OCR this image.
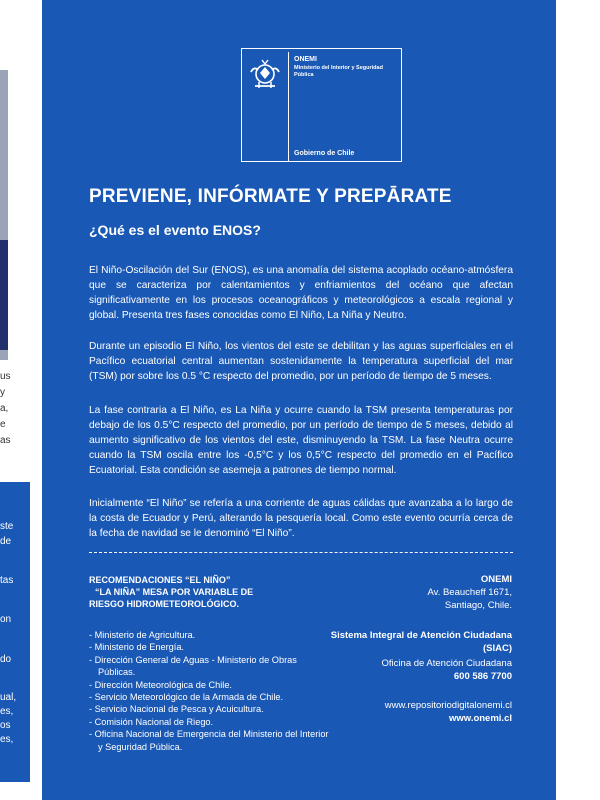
us
y
a,
e
as
ste
de
tas
on
do
ual,
es,
os
es,
ONEMI
Ministerio del Interior y Seguridad Pública
Gobierno de Chile
PREVIENE, INFÓRMATE Y PREPĀRATE
¿Qué es el evento ENOS?

El Niño-Oscilación del Sur (ENOS), es una anomalía del sistema acoplado océano-atmósfera que se caracteriza por calentamientos y enfriamientos del océano que afectan significativamente en los procesos oceanográficos y meteorológicos a escala regional y global. Presenta tres fases conocidas como El Niño, La Niña y Neutro.

Durante un episodio El Niño, los vientos del este se debilitan y las aguas superficiales en el Pacífico ecuatorial central aumentan sostenidamente la temperatura superficial del mar (TSM) por sobre los 0.5 °C respecto del promedio, por un período de tiempo de 5 meses.

La fase contraria a El Niño, es La Niña y ocurre cuando la TSM presenta temperaturas por debajo de los 0.5°C respecto del promedio, por un período de tiempo de 5 meses, debido al aumento significativo de los vientos del este, disminuyendo la TSM. La fase Neutra ocurre cuando la TSM oscila entre los -0,5°C y los 0,5°C respecto del promedio en el Pacífico Ecuatorial. Esta condición se asemeja a patrones de tiempo normal.

Inicialmente “El Niño” se refería a una corriente de aguas cálidas que avanzaba a lo largo de la costa de Ecuador y Perú, alterando la pesquería local. Como este evento ocurría cerca de la fecha de navidad se le denominó “El Niño”.

RECOMENDACIONES “EL NIÑO”
“LA NIÑA” MESA POR VARIABLE DE
RIESGO HIDROMETEOROLÓGICO.
- Ministerio de Agricultura.
- Ministerio de Energía.
- Dirección General de Aguas - Ministerio de Obras Públicas.
- Dirección Meteorológica de Chile.
- Servicio Meteorológico de la Armada de Chile.
- Servicio Nacional de Pesca y Acuicultura.
- Comisión Nacional de Riego.
- Oficina Nacional de Emergencia del Ministerio del Interior y Seguridad Pública.
ONEMI
Av. Beaucheff 1671,
Santiago, Chile.
Sistema Integral de Atención Ciudadana (SIAC)
Oficina de Atención Ciudadana
600 586 7700
www.repositoriodigitalonemi.cl
www.onemi.cl
